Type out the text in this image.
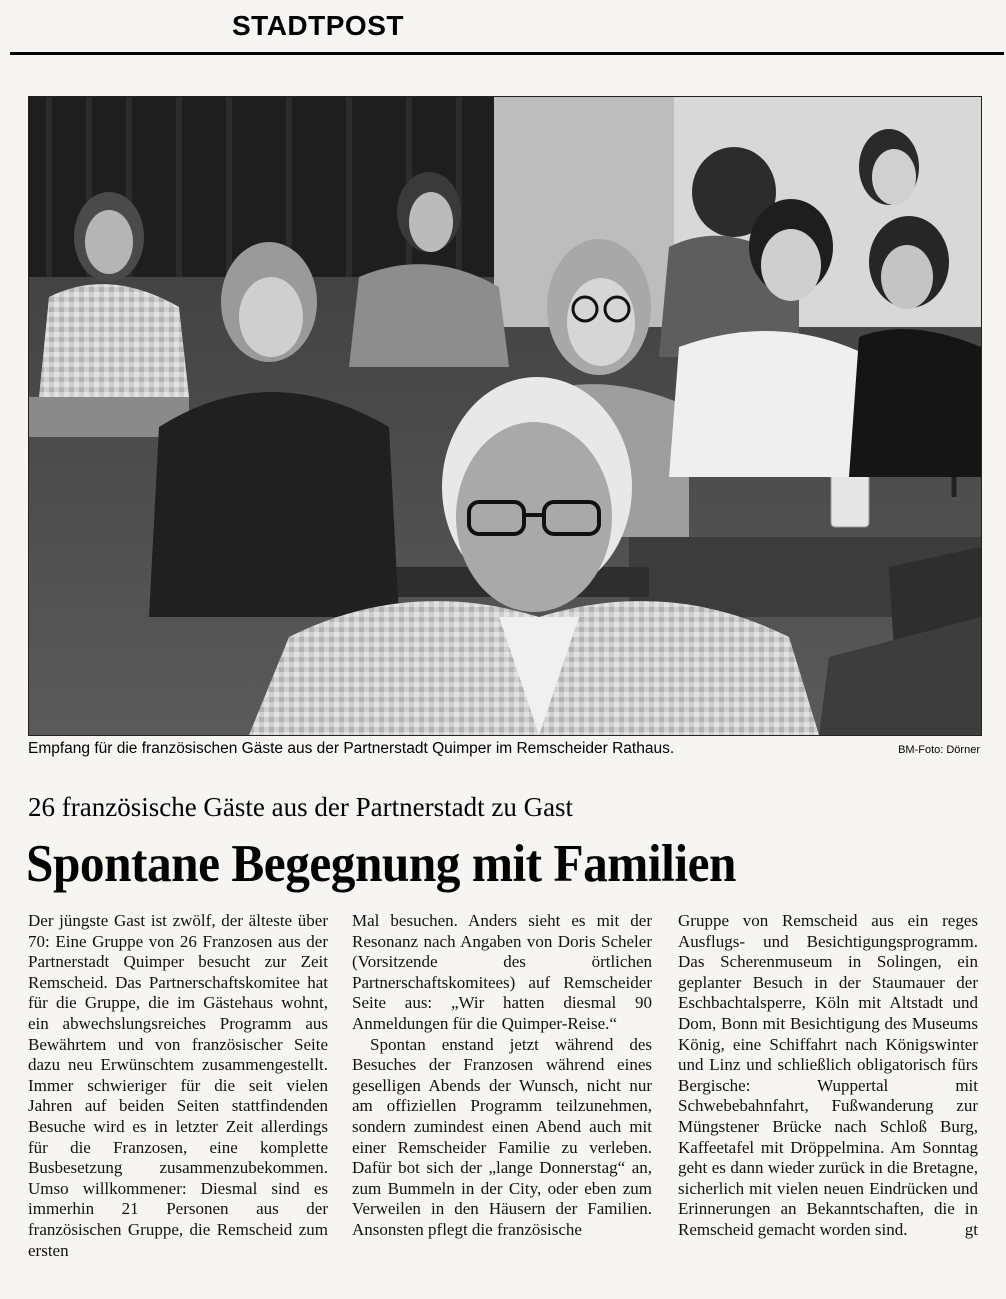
STADTPOST
Empfang für die französischen Gäste aus der Partnerstadt Quimper im Remscheider Rathaus.	BM-Foto: Dörner
26 französische Gäste aus der Partnerstadt zu Gast
Spontane Begegnung mit Familien

Der jüngste Gast ist zwölf, der älteste über 70: Eine Gruppe von 26 Franzosen aus der Partnerstadt Quimper besucht zur Zeit Remscheid. Das Partnerschaftskomitee hat für die Gruppe, die im Gästehaus wohnt, ein abwechslungsreiches Programm aus Bewährtem und von französischer Seite dazu neu Erwünschtem zusammengestellt. Immer schwieriger für die seit vielen Jahren auf beiden Seiten stattfindenden Besuche wird es in letzter Zeit allerdings für die Franzosen, eine komplette Busbesetzung zusammenzubekommen. Umso willkommener: Diesmal sind es immerhin 21 Personen aus der französischen Gruppe, die Remscheid zum ersten

Mal besuchen. Anders sieht es mit der Resonanz nach Angaben von Doris Scheler (Vorsitzende des örtlichen Partnerschaftskomitees) auf Remscheider Seite aus: „Wir hatten diesmal 90 Anmeldungen für die Quimper-Reise.“

Spontan enstand jetzt während des Besuches der Franzosen während eines geselligen Abends der Wunsch, nicht nur am offiziellen Programm teilzunehmen, sondern zumindest einen Abend auch mit einer Remscheider Familie zu verleben. Dafür bot sich der „lange Donnerstag“ an, zum Bummeln in der City, oder eben zum Verweilen in den Häusern der Familien. Ansonsten pflegt die französische

Gruppe von Remscheid aus ein reges Ausflugs- und Besichtigungsprogramm. Das Scherenmuseum in Solingen, ein geplanter Besuch in der Staumauer der Eschbachtalsperre, Köln mit Altstadt und Dom, Bonn mit Besichtigung des Museums König, eine Schiffahrt nach Königswinter und Linz und schließlich obligatorisch fürs Bergische: Wuppertal mit Schwebebahnfahrt, Fußwanderung zur Müngstener Brücke nach Schloß Burg, Kaffeetafel mit Dröppelmina. Am Sonntag geht es dann wieder zurück in die Bretagne, sicherlich mit vielen neuen Eindrücken und Erinnerungen an Bekanntschaften, die in Remscheid gemacht worden sind.	gt
